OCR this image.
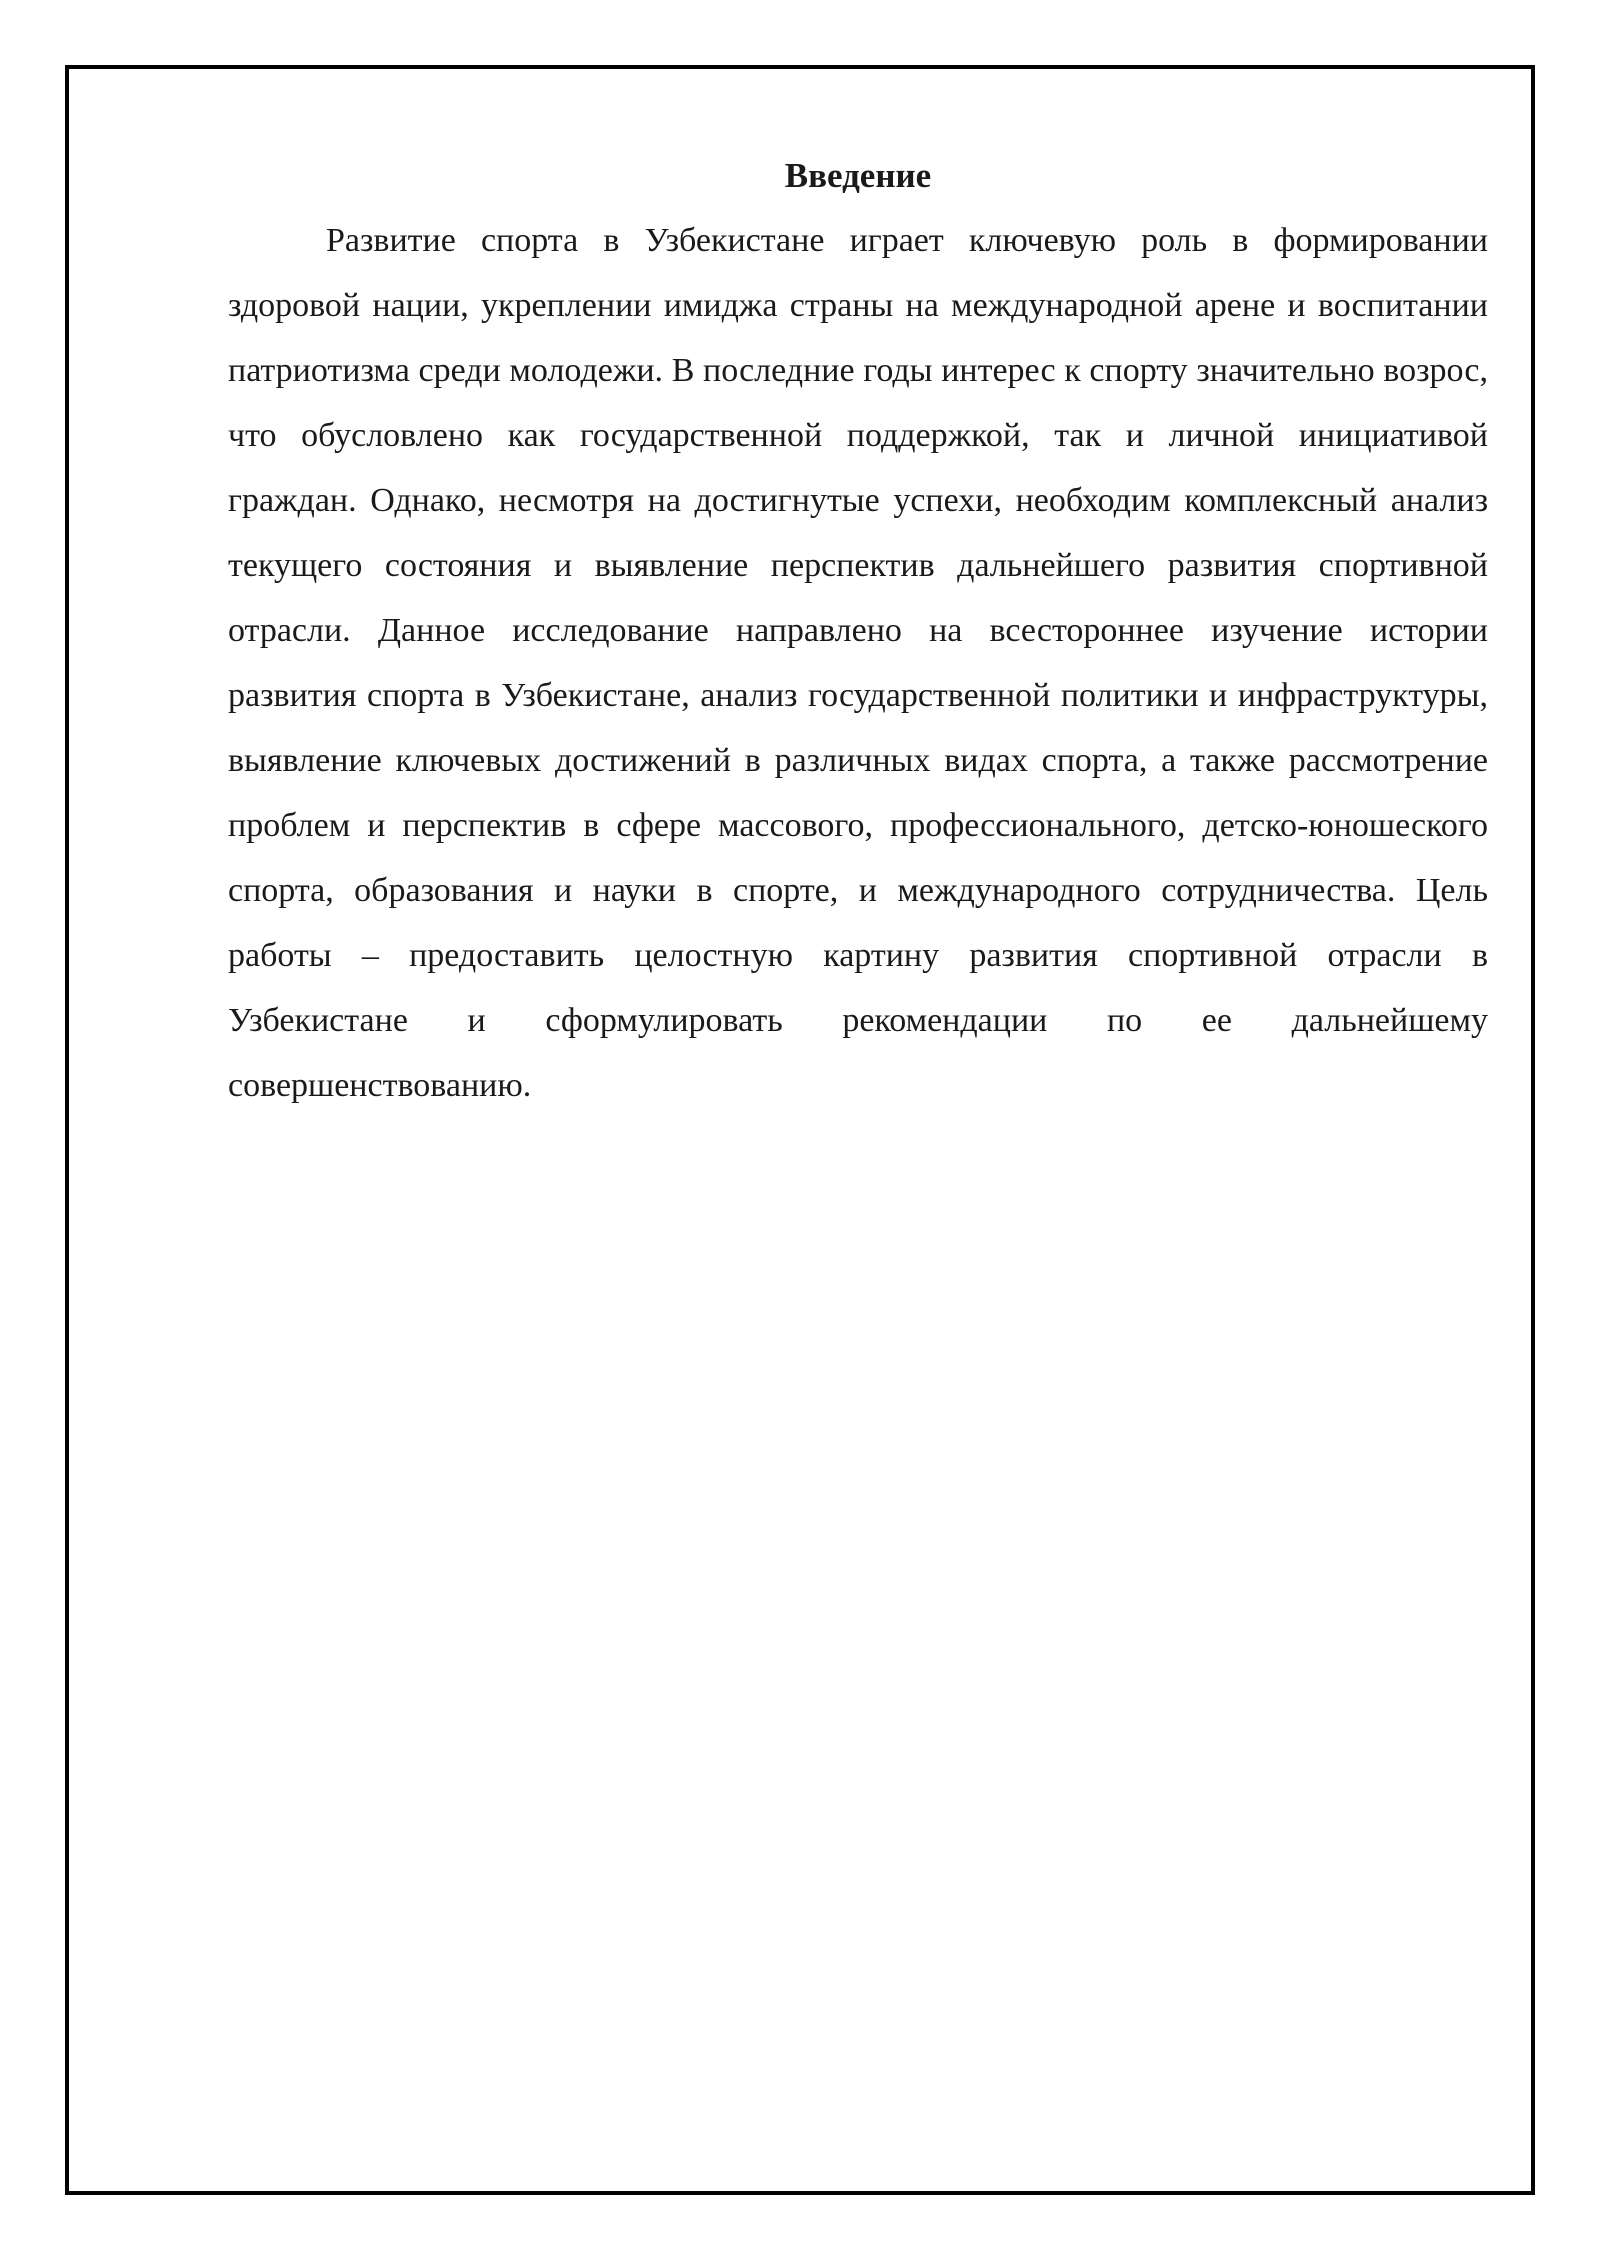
Введение

Развитие спорта в Узбекистане играет ключевую роль в формировании здоровой нации, укреплении имиджа страны на международной арене и воспитании патриотизма среди молодежи. В последние годы интерес к спорту значительно возрос, что обусловлено как государственной поддержкой, так и личной инициативой граждан. Однако, несмотря на достигнутые успехи, необходим комплексный анализ текущего состояния и выявление перспектив дальнейшего развития спортивной отрасли. Данное исследование направлено на всестороннее изучение истории развития спорта в Узбекистане, анализ государственной политики и инфраструктуры, выявление ключевых достижений в различных видах спорта, а также рассмотрение проблем и перспектив в сфере массового, профессионального, детско-юношеского спорта, образования и науки в спорте, и международного сотрудничества. Цель работы – предоставить целостную картину развития спортивной отрасли в Узбекистане и сформулировать рекомендации по ее дальнейшему совершенствованию.
